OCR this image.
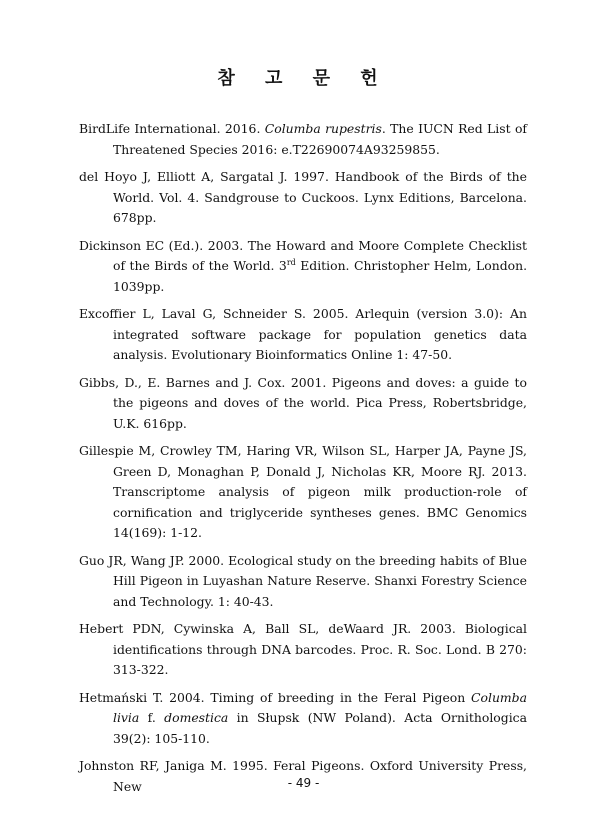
참 고 문 헌

BirdLife International. 2016. Columba rupestris. The IUCN Red List of Threatened Species 2016: e.T22690074A93259855.

del Hoyo J, Elliott A, Sargatal J. 1997. Handbook of the Birds of the World. Vol. 4. Sandgrouse to Cuckoos. Lynx Editions, Barcelona. 678pp.

Dickinson EC (Ed.). 2003. The Howard and Moore Complete Checklist of the Birds of the World. 3rd Edition. Christopher Helm, London. 1039pp.

Excoffier L, Laval G, Schneider S. 2005. Arlequin (version 3.0): An integrated software package for population genetics data analysis. Evolutionary Bioinformatics Online 1: 47-50.

Gibbs, D., E. Barnes and J. Cox. 2001. Pigeons and doves: a guide to the pigeons and doves of the world. Pica Press, Robertsbridge, U.K. 616pp.

Gillespie M, Crowley TM, Haring VR, Wilson SL, Harper JA, Payne JS, Green D, Monaghan P, Donald J, Nicholas KR, Moore RJ. 2013. Transcriptome analysis of pigeon milk production-role of cornification and triglyceride syntheses genes. BMC Genomics 14(169): 1-12.

Guo JR, Wang JP. 2000. Ecological study on the breeding habits of Blue Hill Pigeon in Luyashan Nature Reserve. Shanxi Forestry Science and Technology. 1: 40-43.

Hebert PDN, Cywinska A, Ball SL, deWaard JR. 2003. Biological identifications through DNA barcodes. Proc. R. Soc. Lond. B 270: 313-322.

Hetmański T. 2004. Timing of breeding in the Feral Pigeon Columba livia f. domestica in Słupsk (NW Poland). Acta Ornithologica 39(2): 105-110.

Johnston RF, Janiga M. 1995. Feral Pigeons. Oxford University Press, New	- 49 -
